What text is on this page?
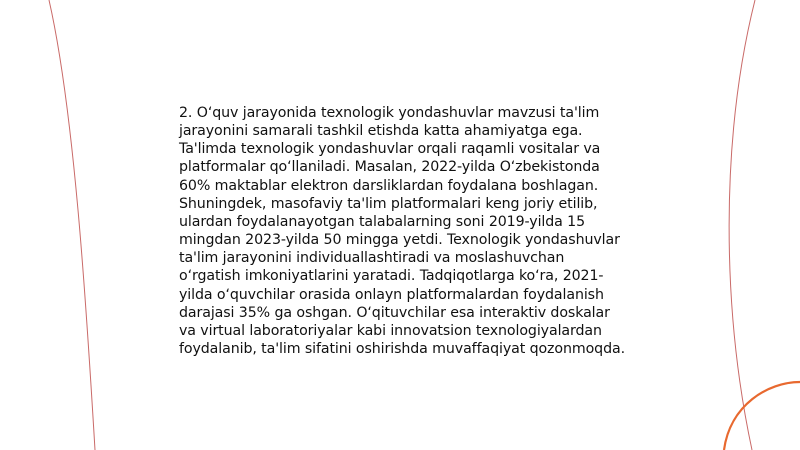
2. O‘quv jarayonida texnologik yondashuvlar mavzusi ta'lim jarayonini samarali tashkil etishda katta ahamiyatga ega. Ta'limda texnologik yondashuvlar orqali raqamli vositalar va platformalar qo‘llaniladi. Masalan, 2022-yilda O‘zbekistonda 60% maktablar elektron darsliklardan foydalana boshlagan. Shuningdek, masofaviy ta'lim platformalari keng joriy etilib, ulardan foydalanayotgan talabalarning soni 2019-yilda 15 mingdan 2023-yilda 50 mingga yetdi. Texnologik yondashuvlar ta'lim jarayonini individuallashtiradi va moslashuvchan o‘rgatish imkoniyatlarini yaratadi. Tadqiqotlarga ko‘ra, 2021-yilda o‘quvchilar orasida onlayn platformalardan foydalanish darajasi 35% ga oshgan. O‘qituvchilar esa interaktiv doskalar va virtual laboratoriyalar kabi innovatsion texnologiyalardan foydalanib, ta'lim sifatini oshirishda muvaffaqiyat qozonmoqda.
